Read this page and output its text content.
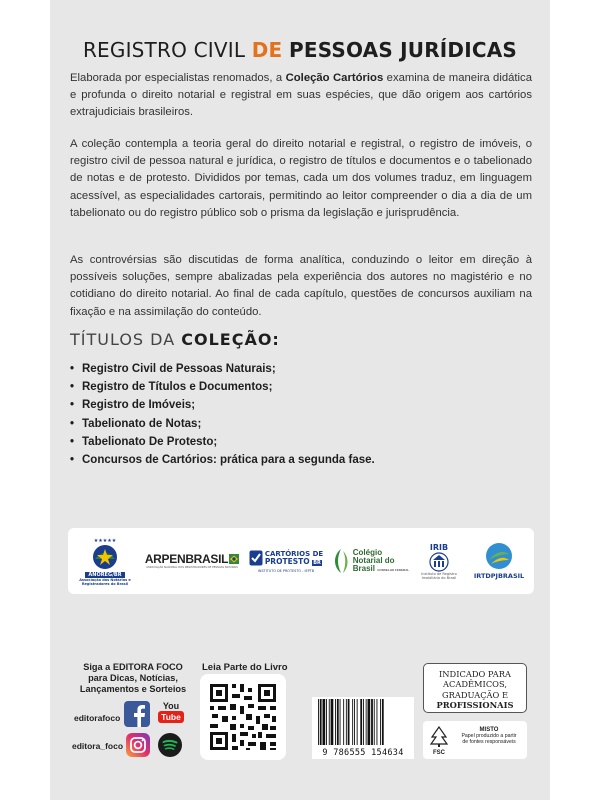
REGISTRO CIVIL DE PESSOAS JURÍDICAS
Elaborada por especialistas renomados, a Coleção Cartórios examina de maneira didática e profunda o direito notarial e registral em suas espécies, que dão origem aos cartórios extrajudiciais brasileiros.
A coleção contempla a teoria geral do direito notarial e registral, o registro de imóveis, o registro civil de pessoa natural e jurídica, o registro de títulos e documentos e o tabelionado de notas e de protesto. Divididos por temas, cada um dos volumes traduz, em linguagem acessível, as especialidades cartorais, permitindo ao leitor compreender o dia a dia de um tabelionato ou do registro público sob o prisma da legislação e jurisprudência.
As controvérsias são discutidas de forma analítica, conduzindo o leitor em direção à possíveis soluções, sempre abalizadas pela experiência dos autores no magistério e no cotidiano do direito notarial. Ao final de cada capítulo, questões de concursos auxiliam na fixação e na assimilação do conteúdo.
TÍTULOS DA COLEÇÃO:
• Registro Civil de Pessoas Naturais;
• Registro de Títulos e Documentos;
• Registro de Imóveis;
• Tabelionato de Notas;
• Tabelionato De Protesto;
• Concursos de Cartórios: prática para a segunda fase.
★★★★★
ANOREG/BR
Associação dos Notários e
Registradores do Brasil
ARPENBRASIL
ASSOCIAÇÃO NACIONAL DOS REGISTRADORES DE PESSOAS NATURAIS
CARTÓRIOS DE
PROTESTO BR
INSTITUTO DE PROTESTO - IEPTB
Colégio
Notarial do
Brasil CONSELHO FEDERAL
IRIB
Instituto de Registro
Imobiliário do Brasil	IRTDPJBRASIL
Siga a EDITORA FOCO
para Dicas, Notícias,
Lançamentos e Sorteios
editorafoco
You
Tube
editora_foco
Leia Parte do Livro
9 786555 154634
INDICADO PARA
ACADÊMICOS,
GRADUAÇÃO E
PROFISSIONAIS
FSC
MISTO
Papel produzido a partir
de fontes responsáveis
